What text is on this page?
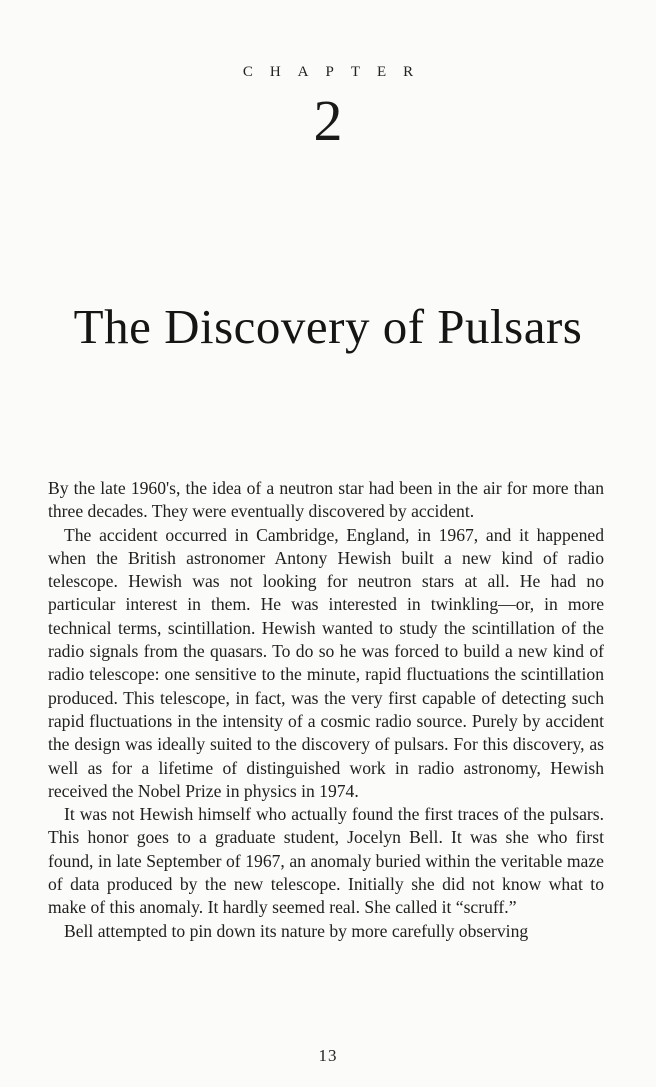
CHAPTER
2
The Discovery of Pulsars

By the late 1960's, the idea of a neutron star had been in the air for more than three decades. They were eventually discovered by accident.

The accident occurred in Cambridge, England, in 1967, and it happened when the British astronomer Antony Hewish built a new kind of radio telescope. Hewish was not looking for neutron stars at all. He had no particular interest in them. He was interested in twinkling—or, in more technical terms, scintillation. Hewish wanted to study the scintillation of the radio signals from the quasars. To do so he was forced to build a new kind of radio telescope: one sensitive to the minute, rapid fluctuations the scintillation produced. This telescope, in fact, was the very first capable of detecting such rapid fluctuations in the intensity of a cosmic radio source. Purely by accident the design was ideally suited to the discovery of pulsars. For this discovery, as well as for a lifetime of distinguished work in radio astronomy, Hewish received the Nobel Prize in physics in 1974.

It was not Hewish himself who actually found the first traces of the pulsars. This honor goes to a graduate student, Jocelyn Bell. It was she who first found, in late September of 1967, an anomaly buried within the veritable maze of data produced by the new telescope. Initially she did not know what to make of this anomaly. It hardly seemed real. She called it “scruff.”

Bell attempted to pin down its nature by more carefully observing

13
